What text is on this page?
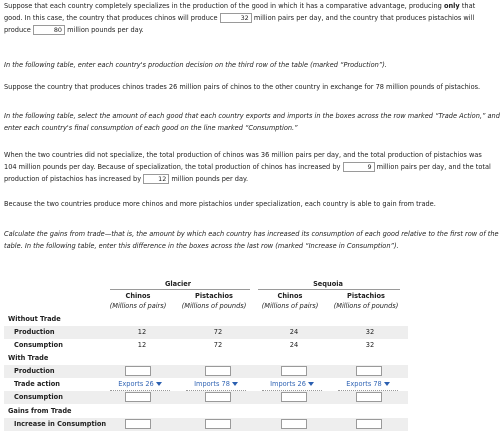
Suppose that each country completely specializes in the production of the good in which it has a comparative advantage, producing only that
good. In this case, the country that produces chinos will produce	32 million pairs per day, and the country that produces pistachios will
produce	80 million pounds per day.
In the following table, enter each country's production decision on the third row of the table (marked “Production”).
Suppose the country that produces chinos trades 26 million pairs of chinos to the other country in exchange for 78 million pounds of pistachios.
In the following table, select the amount of each good that each country exports and imports in the boxes across the row marked “Trade Action,” and
enter each country's final consumption of each good on the line marked “Consumption.”
When the two countries did not specialize, the total production of chinos was 36 million pairs per day, and the total production of pistachios was
104 million pounds per day. Because of specialization, the total production of chinos has increased by	9 million pairs per day, and the total
production of pistachios has increased by	12 million pounds per day.
Because the two countries produce more chinos and more pistachios under specialization, each country is able to gain from trade.
Calculate the gains from trade—that is, the amount by which each country has increased its consumption of each good relative to the first row of the
table. In the following table, enter this difference in the boxes across the last row (marked “Increase in Consumption”).
Glacier	Sequoia
Chinos
(Millions of pairs)
Pistachios
(Millions of pounds)
Chinos
(Millions of pairs)
Pistachios
(Millions of pounds)
Without Trade
Production	12	72	24	32
Consumption	12	72	24	32
With Trade
Production
Trade action	Exports 26	Imports 78	Imports 26	Exports 78
Consumption
Gains from Trade
Increase in Consumption
